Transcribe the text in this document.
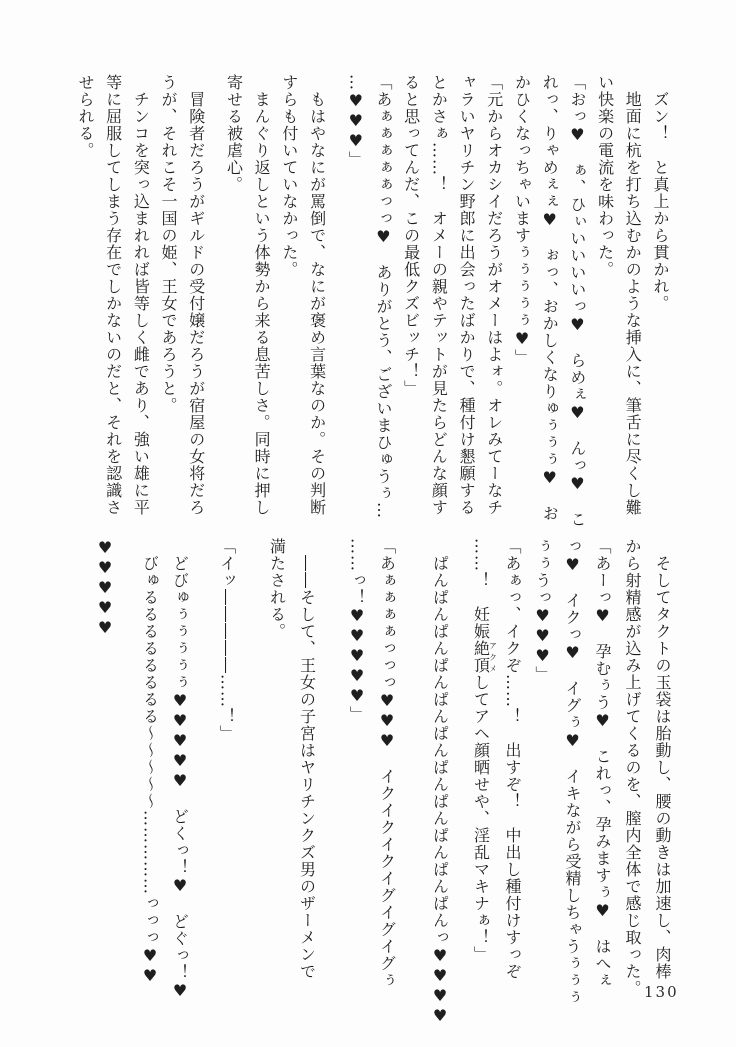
ズン！　と真上から貫かれ。
地面に杭を打ち込むかのような挿入に、筆舌に尽くし難
い快楽の電流を味わった。
「おっ♥　ぁ、ひぃいいいいっ♥　らめぇ♥　んっ♥　こ
れっ、りゃめぇぇ♥　ぉっ、おかしくなりゅぅぅぅ♥　お
かひくなっちゃいますぅぅぅぅぅ♥」
「元からオカシイだろうがオメーはよォ。オレみてーなチ
ャラいヤリチン野郎に出会ったばかりで、種付け懇願する
とかさぁ……！　オメーの親やテットが見たらどんな顔す
ると思ってんだ、この最低クズビッチ！」
「あぁぁぁぁぁっっ♥　ありがとう、ございまひゅうぅ…
…♥♥♥」
もはやなにが罵倒で、なにが褒め言葉なのか。その判断
すらも付いていなかった。
まんぐり返しという体勢から来る息苦しさ。同時に押し
寄せる被虐心。
冒険者だろうがギルドの受付嬢だろうが宿屋の女将だろ
うが、それこそ一国の姫、王女であろうと。
チンコを突っ込まれれば皆等しく雌であり、強い雄に平
等に屈服してしまう存在でしかないのだと、それを認識さ
せられる。
そしてタクトの玉袋は胎動し、腰の動きは加速し、肉棒
から射精感が込み上げてくるのを、膣内全体で感じ取った。
「あーっ♥　孕むぅう♥　これっ、孕みますぅ♥　はへぇ
っ♥　イクっ♥　イグぅ♥　イキながら受精しちゃうぅぅぅ
ぅぅうっ♥♥♥」
「あぁっ、イクぞ……！　出すぞ！　中出し種付けすっぞ
……！　妊娠絶頂アクメしてアヘ顔晒せや、淫乱マキナぁ！」
ぱんぱんぱんぱんぱんぱんぱんぱんぱんぱんぱんっ♥♥♥♥
「あぁぁぁぁっっっ♥♥♥　イクイクイクイグイグイグぅ
……っ！♥♥♥♥♥」
――そして、王女の子宮はヤリチンクズ男のザーメンで
満たされる。
「イッ―――――……！」
どびゅぅぅぅぅぅ♥♥♥♥♥　どくっ！♥　どぐっ！♥
びゅるるるるるるるる～～～～～……………っっっ♥♥
♥♥♥♥♥
130
